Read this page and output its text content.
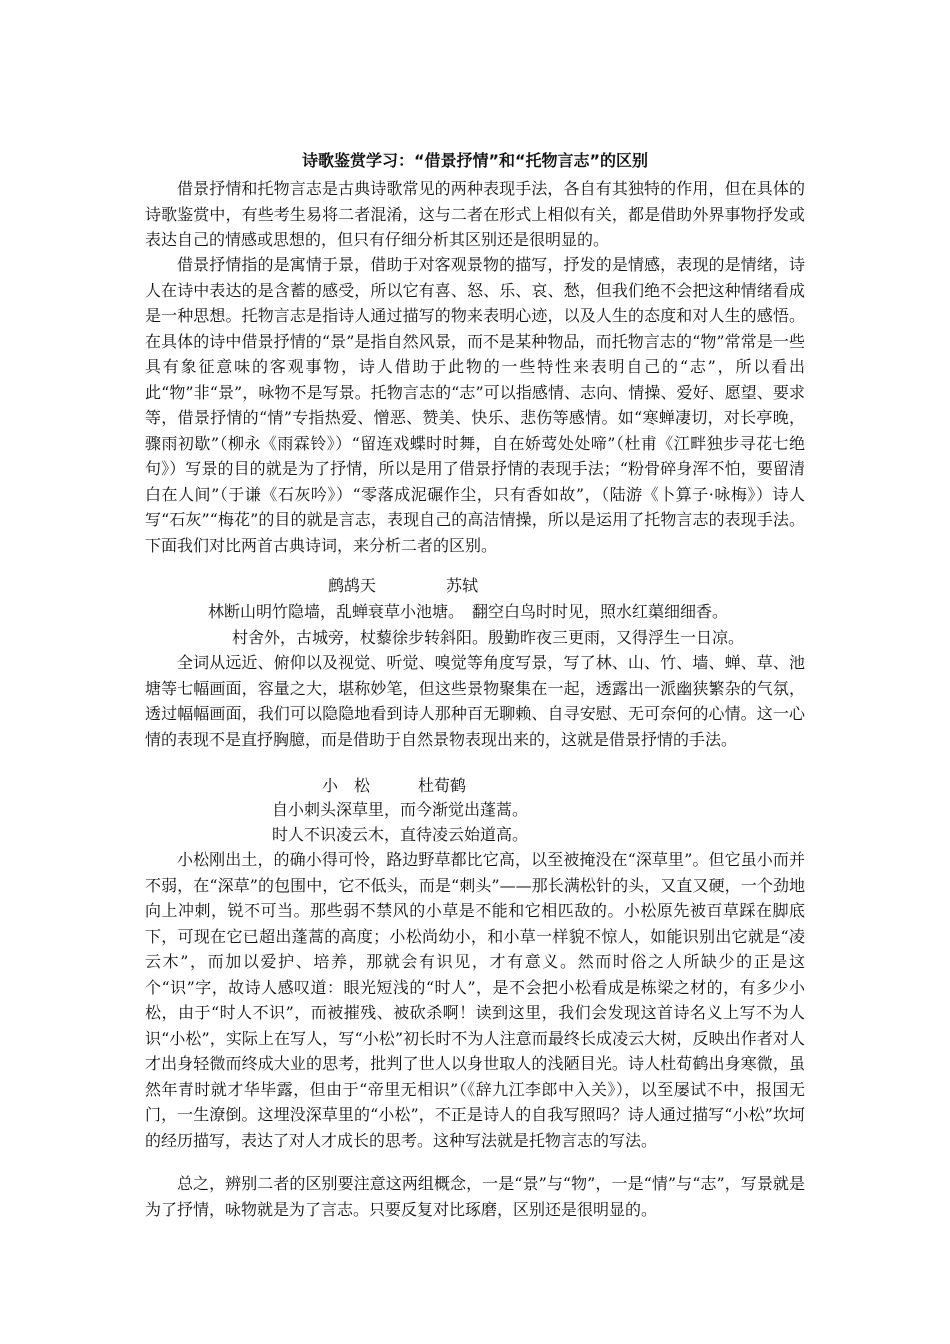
诗歌鉴赏学习：“借景抒情”和“托物言志”的区别

借景抒情和托物言志是古典诗歌常见的两种表现手法，各自有其独特的作用，但在具体的诗歌鉴赏中，有些考生易将二者混淆，这与二者在形式上相似有关，都是借助外界事物抒发或表达自己的情感或思想的，但只有仔细分析其区别还是很明显的。

借景抒情指的是寓情于景，借助于对客观景物的描写，抒发的是情感，表现的是情绪，诗人在诗中表达的是含蓄的感受，所以它有喜、怒、乐、哀、愁，但我们绝不会把这种情绪看成是一种思想。托物言志是指诗人通过描写的物来表明心迹，以及人生的态度和对人生的感悟。在具体的诗中借景抒情的“景”是指自然风景，而不是某种物品，而托物言志的“物”常常是一些具有象征意味的客观事物，诗人借助于此物的一些特性来表明自己的“志”，所以看出此“物”非“景”，咏物不是写景。托物言志的“志”可以指感情、志向、情操、爱好、愿望、要求等，借景抒情的“情”专指热爱、憎恶、赞美、快乐、悲伤等感情。如“寒蝉凄切，对长亭晚，骤雨初歇”（柳永《雨霖铃》）“留连戏蝶时时舞，自在娇莺处处啼”（杜甫《江畔独步寻花七绝句》）写景的目的就是为了抒情，所以是用了借景抒情的表现手法；“粉骨碎身浑不怕，要留清白在人间”（于谦《石灰吟》）“零落成泥碾作尘，只有香如故”，（陆游《卜算子·咏梅》）诗人写“石灰”“梅花”的目的就是言志，表现自己的高洁情操，所以是运用了托物言志的表现手法。下面我们对比两首古典诗词，来分析二者的区别。

鹧鸪天	苏轼
林断山明竹隐墙，乱蝉衰草小池塘。　翻空白鸟时时见，照水红蕖细细香。
村舍外，古城旁，杖藜徐步转斜阳。殷勤昨夜三更雨，又得浮生一日凉。

全词从远近、俯仰以及视觉、听觉、嗅觉等角度写景，写了林、山、竹、墙、蝉、草、池塘等七幅画面，容量之大，堪称妙笔，但这些景物聚集在一起，透露出一派幽狭繁杂的气氛，透过幅幅画面，我们可以隐隐地看到诗人那种百无聊赖、自寻安慰、无可奈何的心情。这一心情的表现不是直抒胸臆，而是借助于自然景物表现出来的，这就是借景抒情的手法。

小　松	杜荀鹤
自小刺头深草里，而今渐觉出蓬蒿。
时人不识凌云木，直待凌云始道高。

小松刚出土，的确小得可怜，路边野草都比它高，以至被掩没在“深草里”。但它虽小而并不弱，在“深草”的包围中，它不低头，而是“刺头”——那长满松针的头，又直又硬，一个劲地向上冲刺，锐不可当。那些弱不禁风的小草是不能和它相匹敌的。小松原先被百草踩在脚底下，可现在它已超出蓬蒿的高度；小松尚幼小，和小草一样貌不惊人，如能识别出它就是“凌云木”，而加以爱护、培养，那就会有识见，才有意义。然而时俗之人所缺少的正是这个“识”字，故诗人感叹道：眼光短浅的“时人”，是不会把小松看成是栋梁之材的，有多少小松，由于“时人不识”，而被摧残、被砍杀啊！读到这里，我们会发现这首诗名义上写不为人识“小松”，实际上在写人，写“小松”初长时不为人注意而最终长成凌云大树，反映出作者对人才出身轻微而终成大业的思考，批判了世人以身世取人的浅陋目光。诗人杜荀鹤出身寒微，虽然年青时就才华毕露，但由于“帝里无相识”（《辞九江李郎中入关》），以至屡试不中，报国无门，一生潦倒。这埋没深草里的“小松”，不正是诗人的自我写照吗？诗人通过描写“小松”坎坷的经历描写，表达了对人才成长的思考。这种写法就是托物言志的写法。

总之，辨别二者的区别要注意这两组概念，一是“景”与“物”，一是“情”与“志”，写景就是为了抒情，咏物就是为了言志。只要反复对比琢磨，区别还是很明显的。
